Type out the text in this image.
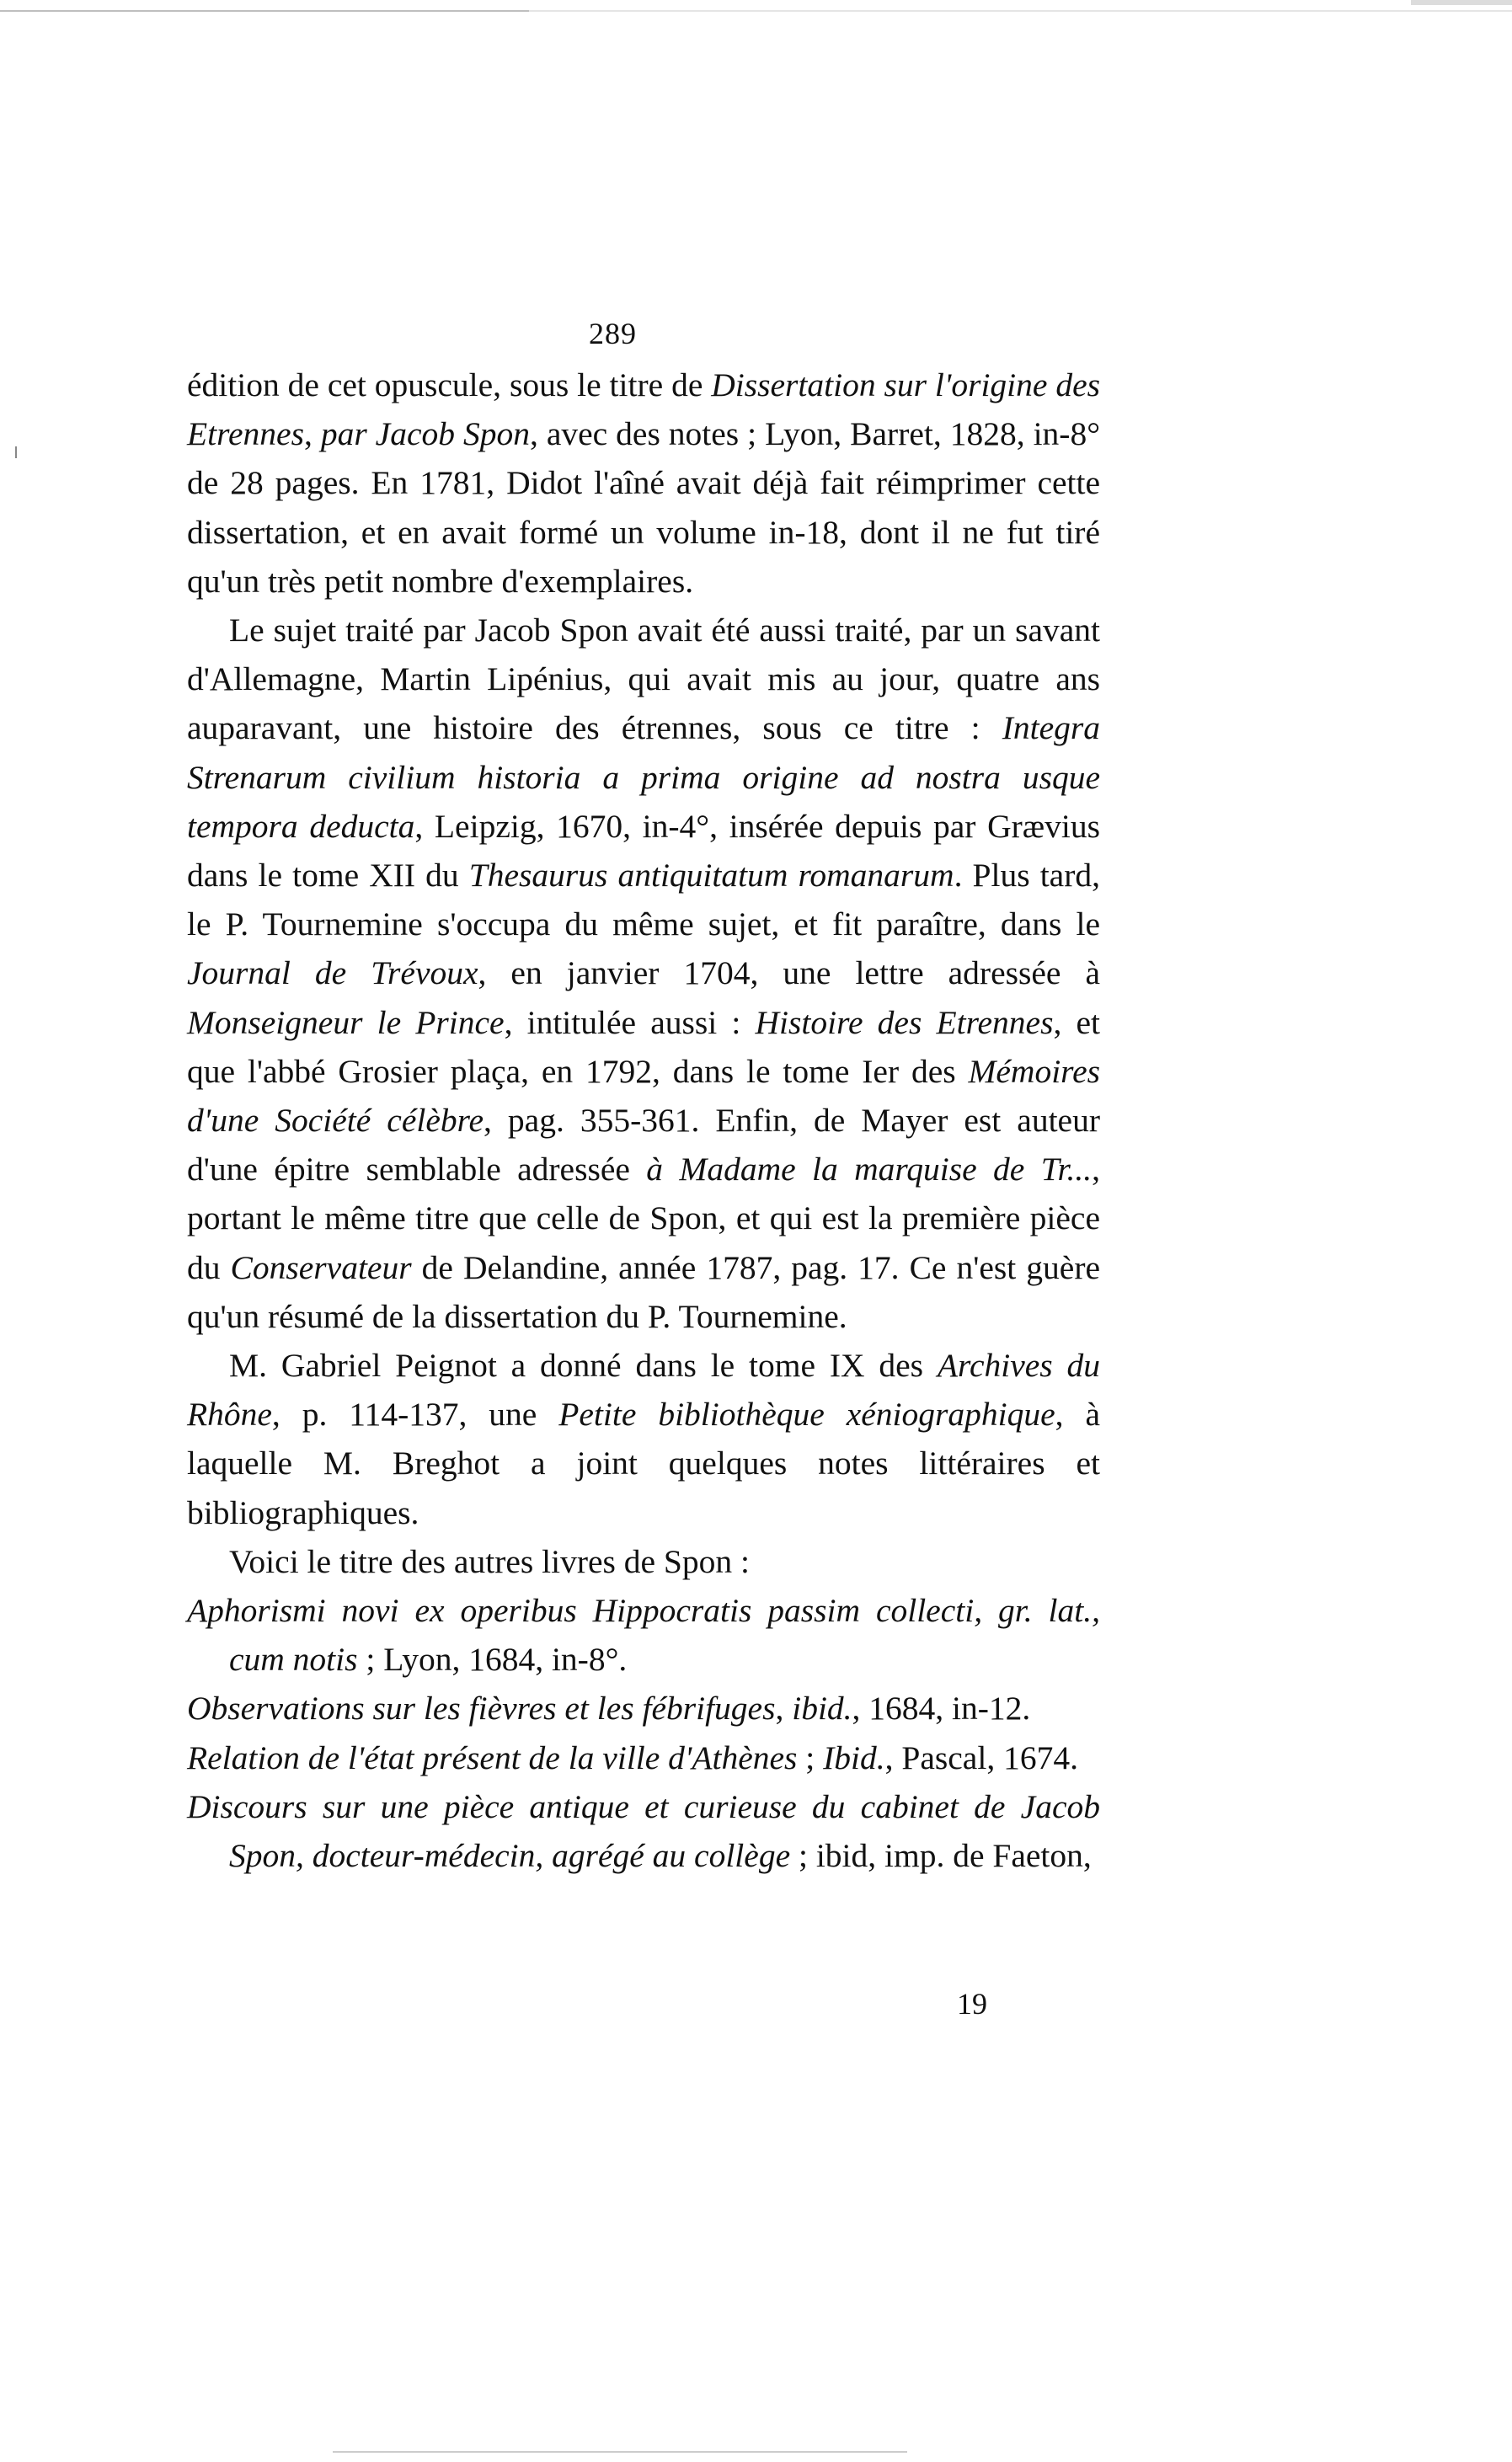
289

édition de cet opuscule, sous le titre de Dissertation sur l'origine des Etrennes, par Jacob Spon, avec des notes ; Lyon, Barret, 1828, in-8° de 28 pages. En 1781, Didot l'aîné avait déjà fait réimprimer cette dissertation, et en avait formé un volume in-18, dont il ne fut tiré qu'un très petit nombre d'exemplaires.

Le sujet traité par Jacob Spon avait été aussi traité, par un savant d'Allemagne, Martin Lipénius, qui avait mis au jour, quatre ans auparavant, une histoire des étrennes, sous ce titre : Integra Strenarum civilium historia a prima origine ad nostra usque tempora deducta, Leipzig, 1670, in-4°, insérée depuis par Grævius dans le tome XII du Thesaurus antiquitatum romanarum. Plus tard, le P. Tournemine s'occupa du même sujet, et fit paraître, dans le Journal de Trévoux, en janvier 1704, une lettre adressée à Monseigneur le Prince, intitulée aussi : Histoire des Etrennes, et que l'abbé Grosier plaça, en 1792, dans le tome Ier des Mémoires d'une Société célèbre, pag. 355-361. Enfin, de Mayer est auteur d'une épitre semblable adressée à Madame la marquise de Tr..., portant le même titre que celle de Spon, et qui est la première pièce du Conservateur de Delandine, année 1787, pag. 17. Ce n'est guère qu'un résumé de la dissertation du P. Tournemine.

M. Gabriel Peignot a donné dans le tome IX des Archives du Rhône, p. 114-137, une Petite bibliothèque xéniographique, à laquelle M. Breghot a joint quelques notes littéraires et bibliographiques.

Voici le titre des autres livres de Spon :

Aphorismi novi ex operibus Hippocratis passim collecti, gr. lat., cum notis ; Lyon, 1684, in-8°.
Observations sur les fièvres et les fébrifuges, ibid., 1684, in-12.
Relation de l'état présent de la ville d'Athènes ; Ibid., Pascal, 1674.
Discours sur une pièce antique et curieuse du cabinet de Jacob Spon, docteur-médecin, agrégé au collège ; ibid, imp. de Faeton,
19
